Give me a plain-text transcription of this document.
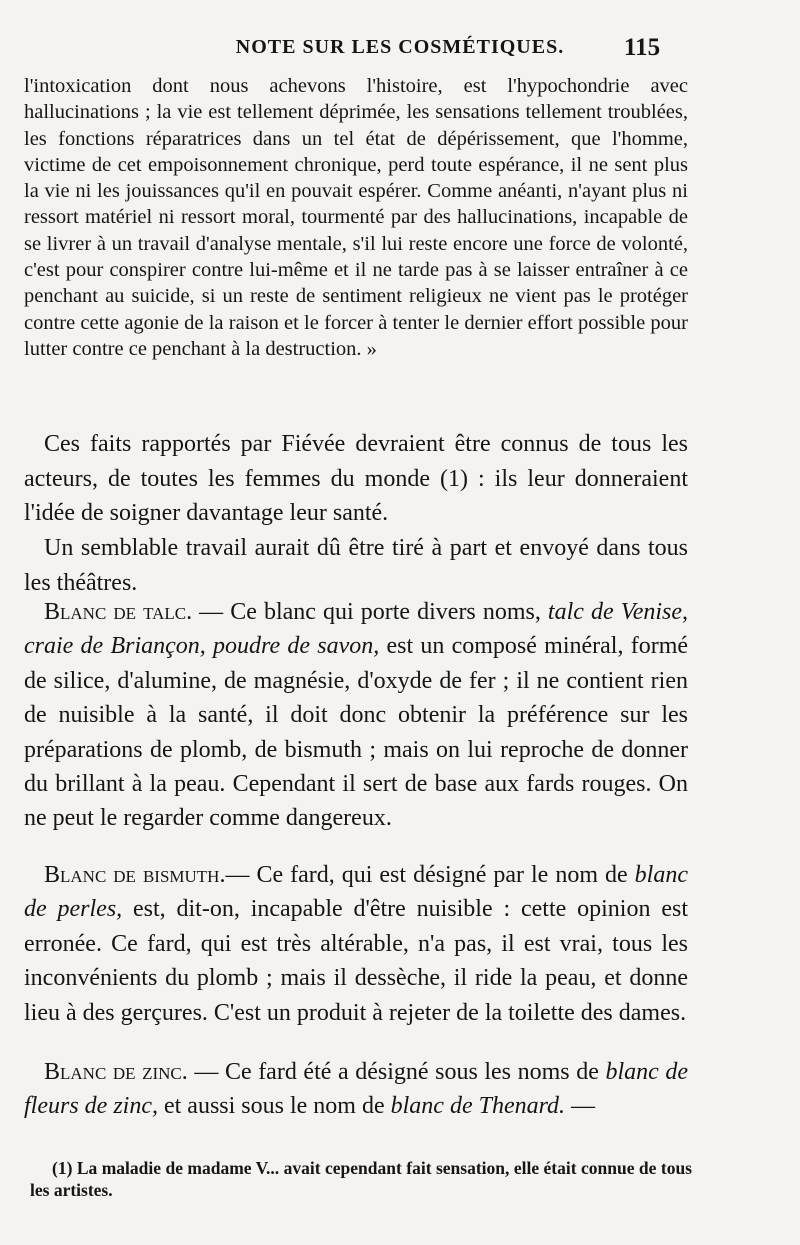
NOTE SUR LES COSMÉTIQUES.	115

l'intoxication dont nous achevons l'histoire, est l'hypochondrie avec hallucinations ; la vie est tellement déprimée, les sensations tellement troublées, les fonctions réparatrices dans un tel état de dépérissement, que l'homme, victime de cet empoisonnement chronique, perd toute espérance, il ne sent plus la vie ni les jouissances qu'il en pouvait espérer. Comme anéanti, n'ayant plus ni ressort matériel ni ressort moral, tourmenté par des hallucinations, incapable de se livrer à un travail d'analyse mentale, s'il lui reste encore une force de volonté, c'est pour conspirer contre lui-même et il ne tarde pas à se laisser entraîner à ce penchant au suicide, si un reste de sentiment religieux ne vient pas le protéger contre cette agonie de la raison et le forcer à tenter le dernier effort possible pour lutter contre ce penchant à la destruction. »

Ces faits rapportés par Fiévée devraient être connus de tous les acteurs, de toutes les femmes du monde (1) : ils leur donneraient l'idée de soigner davantage leur santé.

Un semblable travail aurait dû être tiré à part et envoyé dans tous les théâtres.

Blanc de talc. — Ce blanc qui porte divers noms, talc de Venise, craie de Briançon, poudre de savon, est un composé minéral, formé de silice, d'alumine, de magnésie, d'oxyde de fer ; il ne contient rien de nuisible à la santé, il doit donc obtenir la préférence sur les préparations de plomb, de bismuth ; mais on lui reproche de donner du brillant à la peau. Cependant il sert de base aux fards rouges. On ne peut le regarder comme dangereux.

Blanc de bismuth.— Ce fard, qui est désigné par le nom de blanc de perles, est, dit-on, incapable d'être nuisible : cette opinion est erronée. Ce fard, qui est très altérable, n'a pas, il est vrai, tous les inconvénients du plomb ; mais il dessèche, il ride la peau, et donne lieu à des gerçures. C'est un produit à rejeter de la toilette des dames.

Blanc de zinc. — Ce fard été a désigné sous les noms de blanc de fleurs de zinc, et aussi sous le nom de blanc de Thenard. —

(1) La maladie de madame V... avait cependant fait sensation, elle était connue de tous les artistes.
